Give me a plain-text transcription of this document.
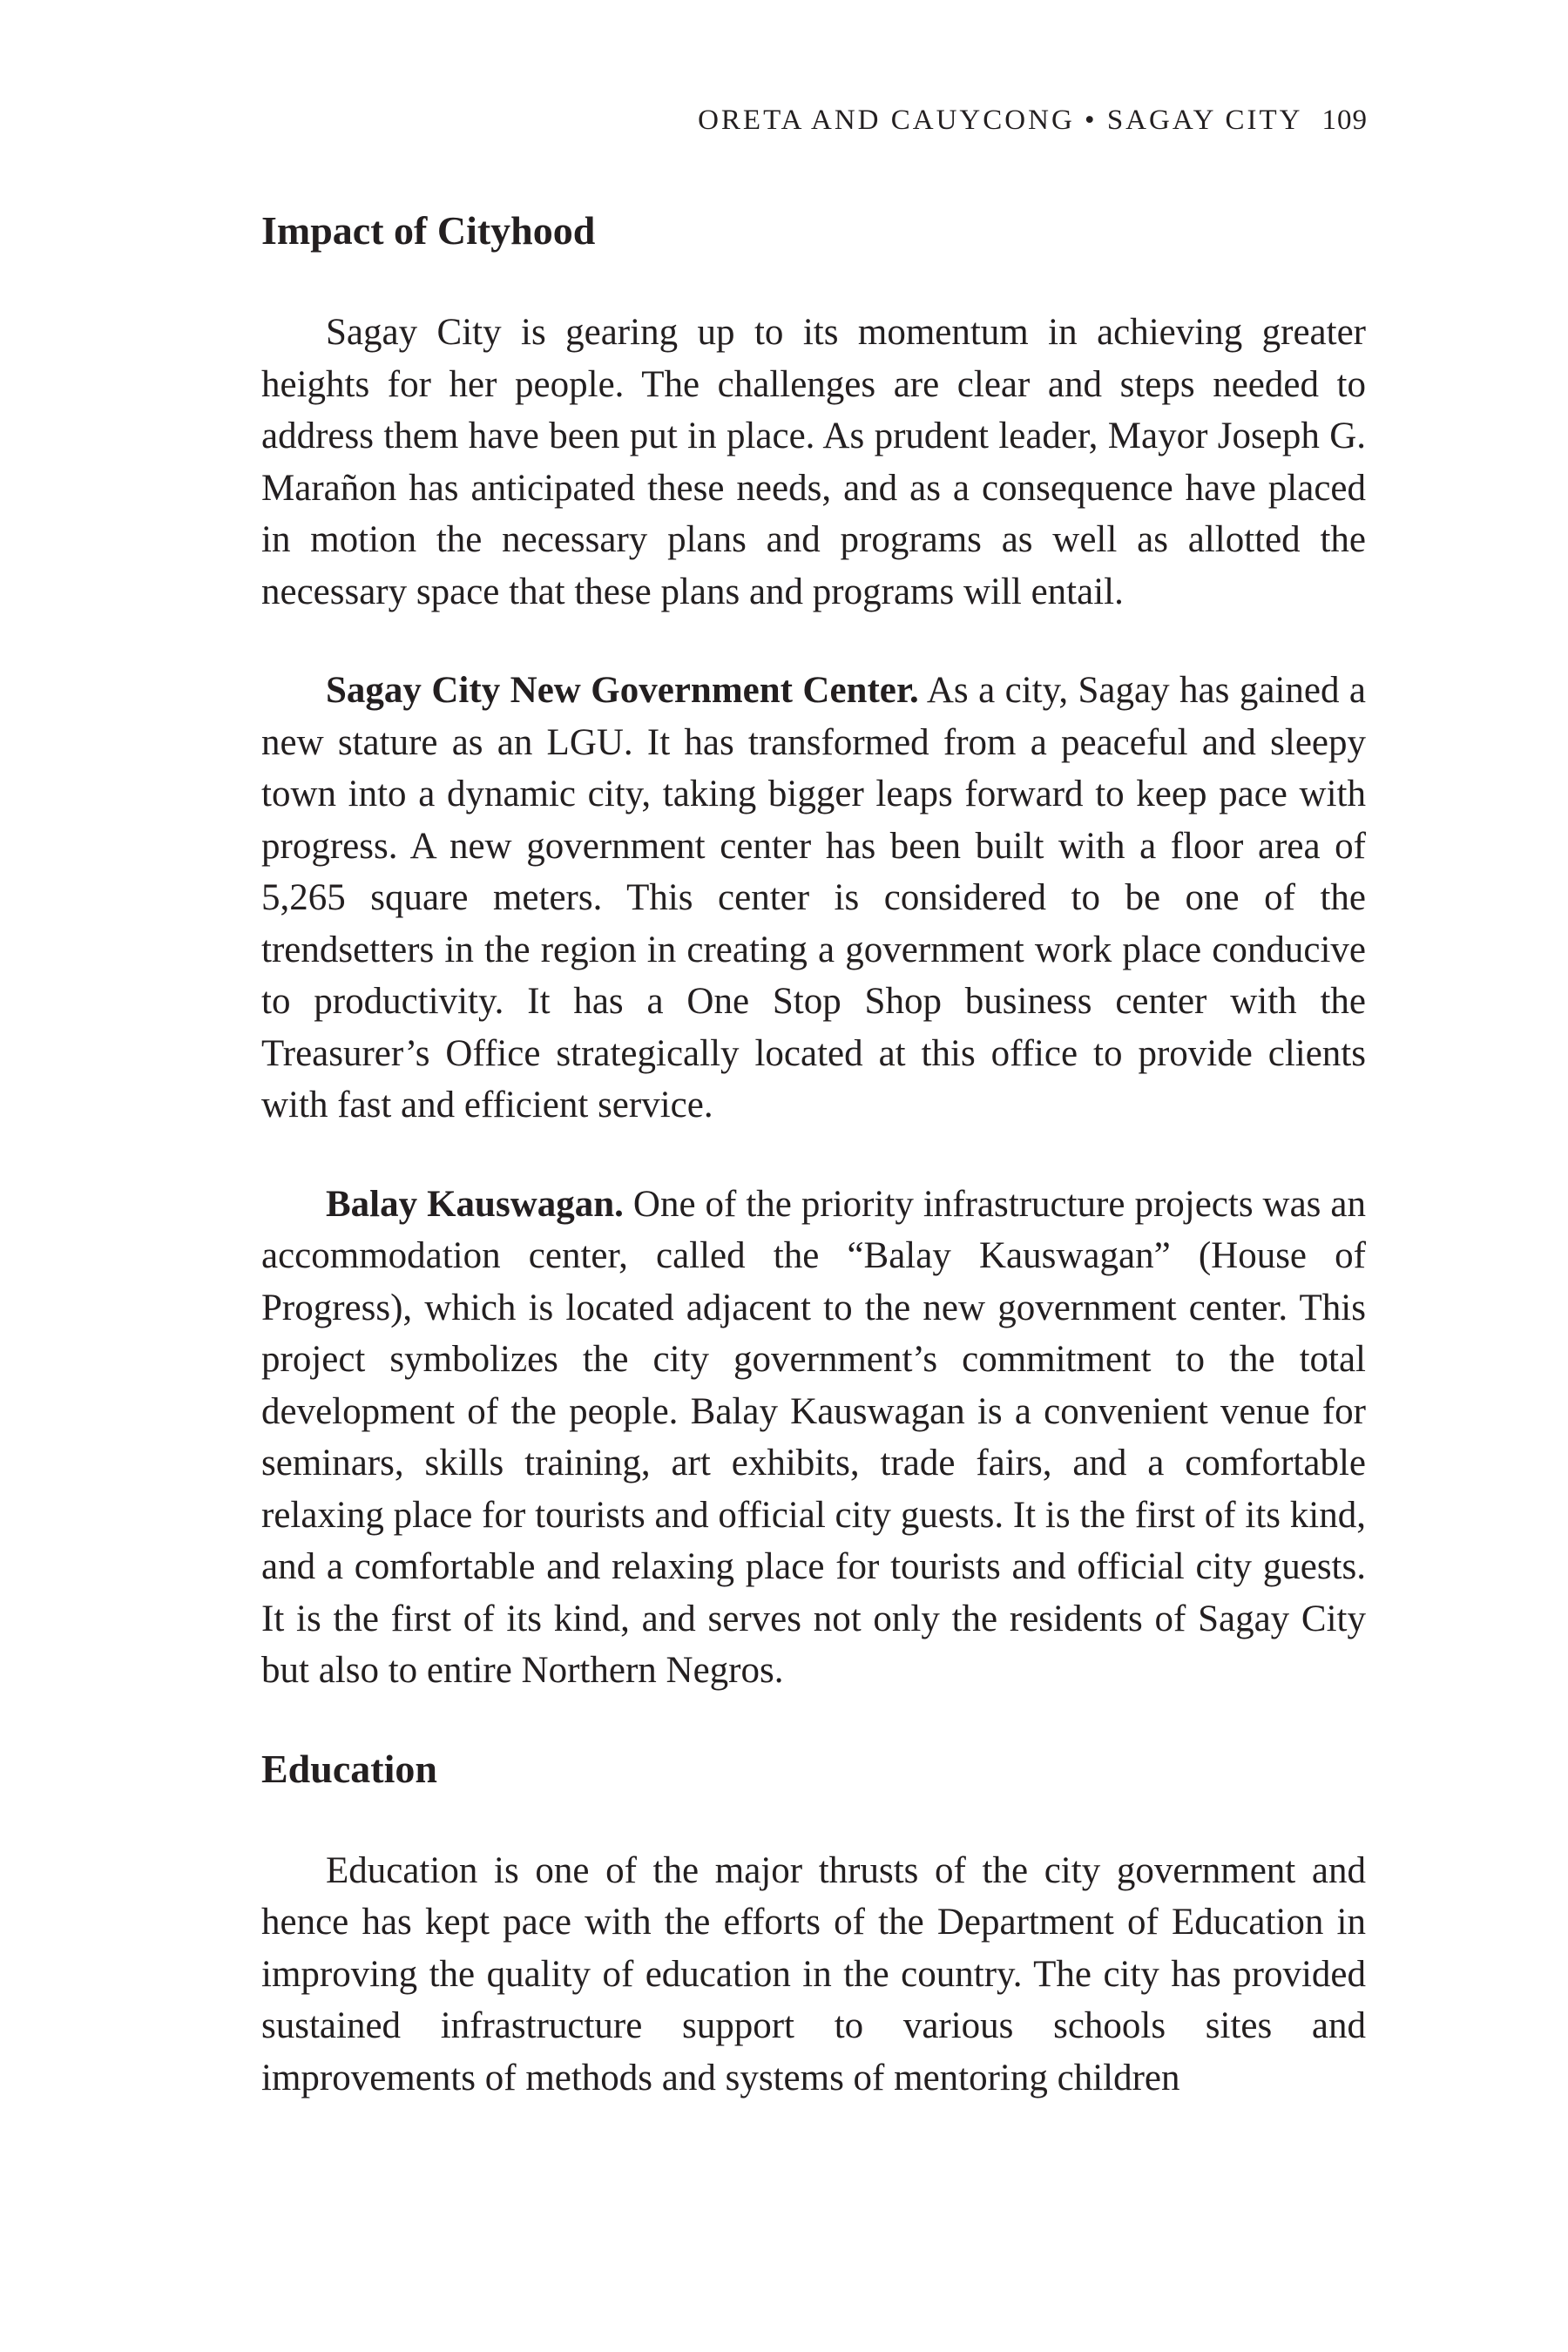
ORETA AND CAUYCONG • SAGAY CITY 109
Impact of Cityhood

Sagay City is gearing up to its momentum in achieving greater heights for her people. The challenges are clear and steps needed to address them have been put in place. As prudent leader, Mayor Joseph G. Marañon has anticipated these needs, and as a consequence have placed in motion the necessary plans and programs as well as allotted the necessary space that these plans and programs will entail.

Sagay City New Government Center. As a city, Sagay has gained a new stature as an LGU. It has transformed from a peaceful and sleepy town into a dynamic city, taking bigger leaps forward to keep pace with progress. A new government center has been built with a floor area of 5,265 square meters. This center is considered to be one of the trendsetters in the region in creating a government work place conducive to productivity. It has a One Stop Shop business center with the Treasurer’s Office strategically located at this office to provide clients with fast and efficient service.

Balay Kauswagan. One of the priority infrastructure projects was an accommodation center, called the “Balay Kauswagan” (House of Progress), which is located adjacent to the new government center. This project symbolizes the city government’s commitment to the total development of the people. Balay Kauswagan is a convenient venue for seminars, skills training, art exhibits, trade fairs, and a comfortable relaxing place for tourists and official city guests. It is the first of its kind, and a comfortable and relaxing place for tourists and official city guests. It is the first of its kind, and serves not only the residents of Sagay City but also to entire Northern Negros.

Education

Education is one of the major thrusts of the city government and hence has kept pace with the efforts of the Department of Education in improving the quality of education in the country. The city has provided sustained infrastructure support to various schools sites and improvements of methods and systems of mentoring children
